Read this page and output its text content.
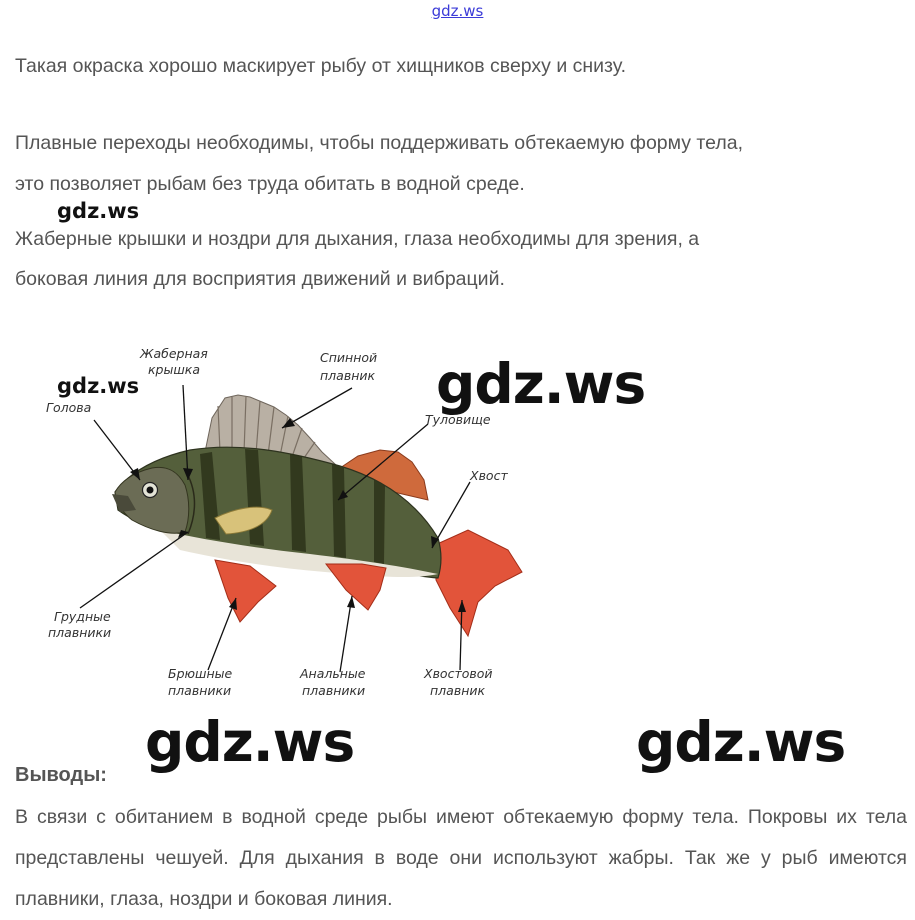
gdz.ws

Такая окраска хорошо маскирует рыбу от хищников сверху и снизу.

Плавные переходы необходимы, чтобы поддерживать обтекаемую форму тела,

это позволяет рыбам без труда обитать в водной среде.

gdz.ws

Жаберные крышки и ноздри для дыхания, глаза необходимы для зрения, а

боковая линия для восприятия движений и вибраций.

Жаберная
крышка
Спинной
плавник
Голова
Туловище
Хвост
Грудные
плавники
Брюшные
плавники
Анальные
плавники
Хвостовой
плавник
gdz.ws	gdz.ws
gdz.ws	gdz.ws
Выводы:

В связи с обитанием в водной среде рыбы имеют обтекаемую форму тела. Покровы их тела представлены чешуей. Для дыхания в воде они используют жабры. Так же у рыб имеются плавники, глаза, ноздри и боковая линия.
